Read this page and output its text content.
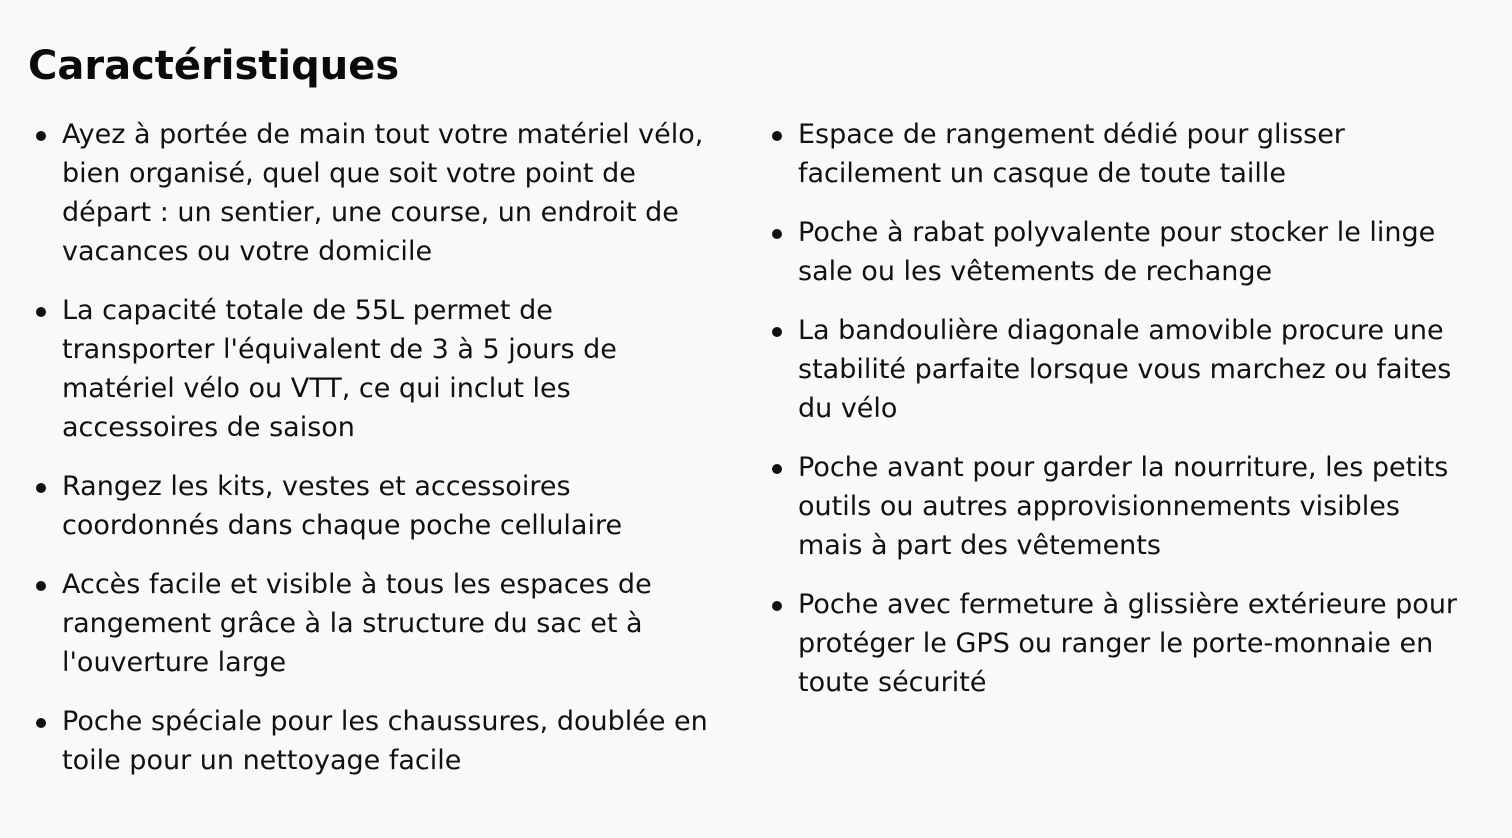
Caractéristiques
Ayez à portée de main tout votre matériel vélo, bien organisé, quel que soit votre point de départ : un sentier, une course, un endroit de vacances ou votre domicile
La capacité totale de 55L permet de transporter l'équivalent de 3 à 5 jours de matériel vélo ou VTT, ce qui inclut les accessoires de saison
Rangez les kits, vestes et accessoires coordonnés dans chaque poche cellulaire
Accès facile et visible à tous les espaces de rangement grâce à la structure du sac et à l'ouverture large
Poche spéciale pour les chaussures, doublée en toile pour un nettoyage facile
Espace de rangement dédié pour glisser facilement un casque de toute taille
Poche à rabat polyvalente pour stocker le linge sale ou les vêtements de rechange
La bandoulière diagonale amovible procure une stabilité parfaite lorsque vous marchez ou faites du vélo
Poche avant pour garder la nourriture, les petits outils ou autres approvisionnements visibles mais à part des vêtements
Poche avec fermeture à glissière extérieure pour protéger le GPS ou ranger le porte-monnaie en toute sécurité
